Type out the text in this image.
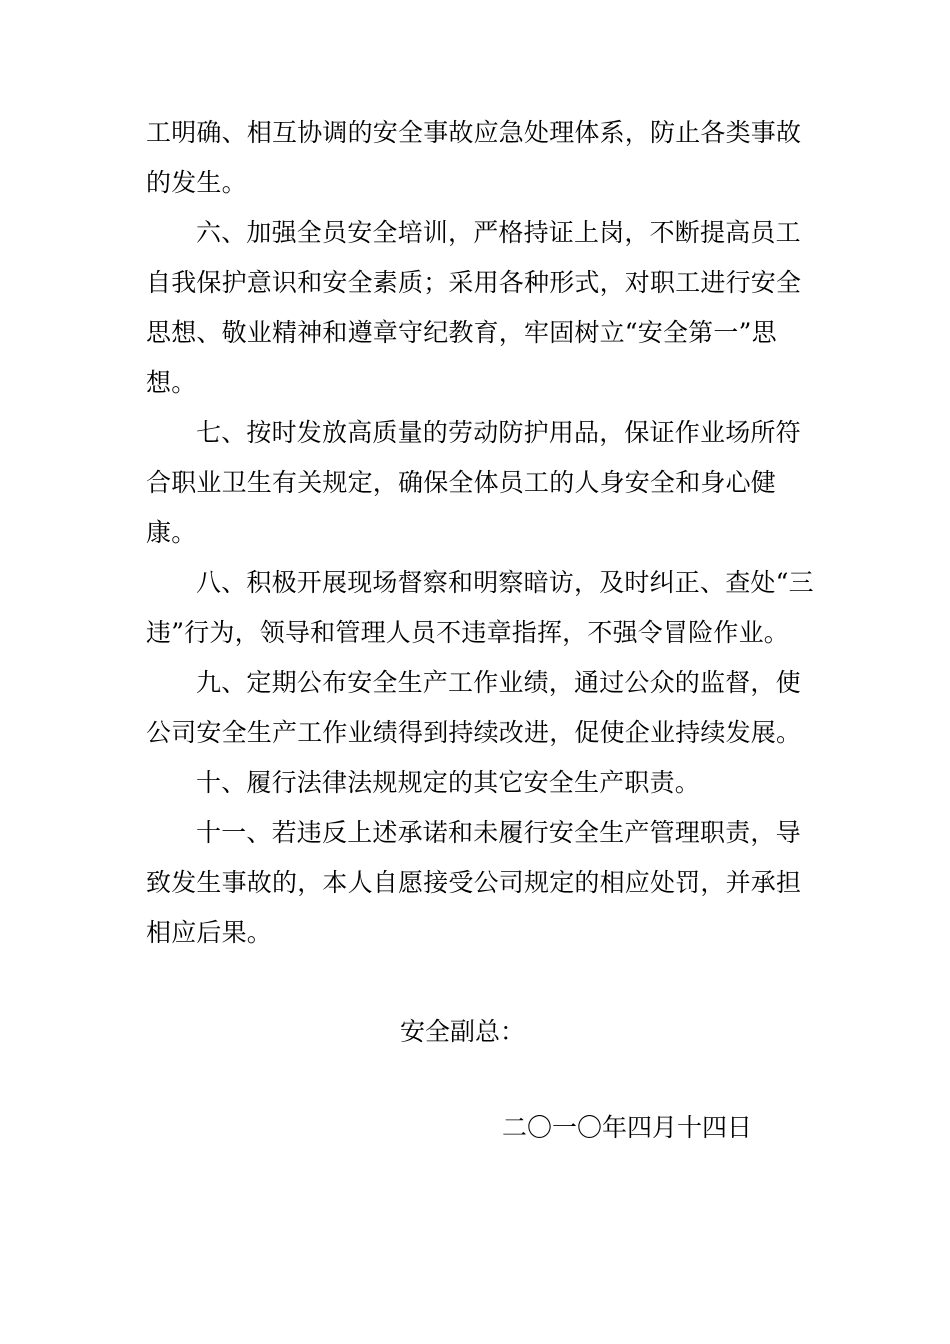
工明确、相互协调的安全事故应急处理体系，防止各类事故
的发生。

六、加强全员安全培训，严格持证上岗，不断提高员工
自我保护意识和安全素质；采用各种形式，对职工进行安全
思想、敬业精神和遵章守纪教育，牢固树立“安全第一”思
想。

七、按时发放高质量的劳动防护用品，保证作业场所符
合职业卫生有关规定，确保全体员工的人身安全和身心健
康。

八、积极开展现场督察和明察暗访，及时纠正、查处“三
违”行为，领导和管理人员不违章指挥，不强令冒险作业。

九、定期公布安全生产工作业绩，通过公众的监督，使
公司安全生产工作业绩得到持续改进，促使企业持续发展。

十、履行法律法规规定的其它安全生产职责。

十一、若违反上述承诺和未履行安全生产管理职责，导
致发生事故的，本人自愿接受公司规定的相应处罚，并承担
相应后果。

安全副总：
二〇一〇年四月十四日
